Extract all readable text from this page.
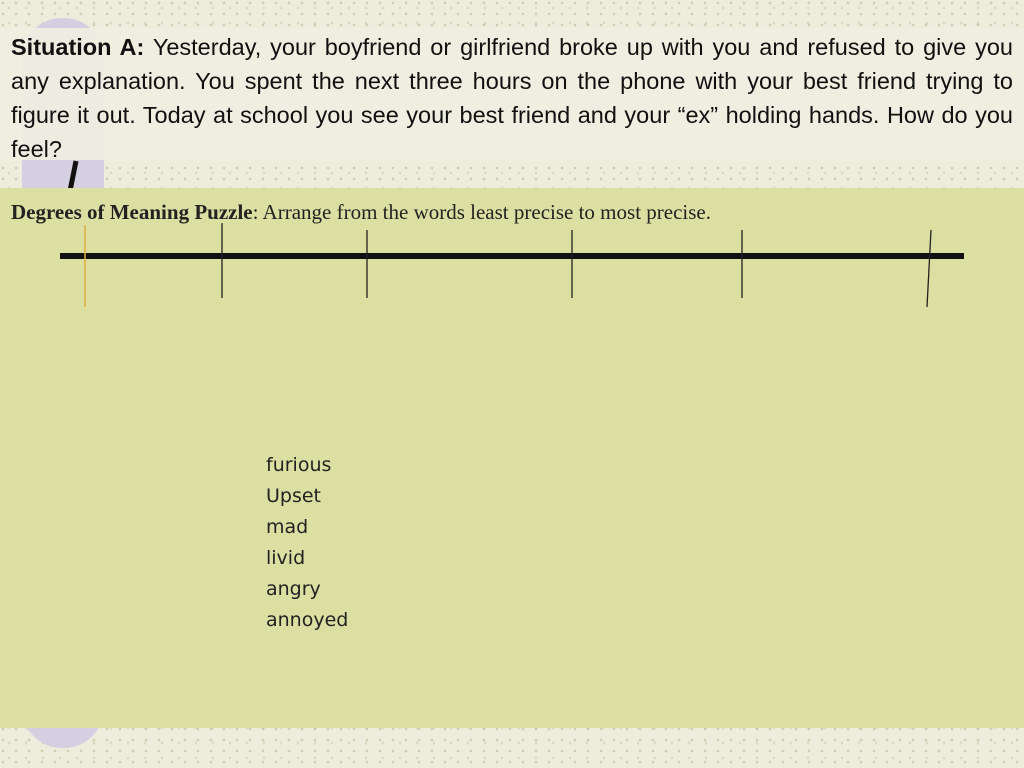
Situation A: Yesterday, your boyfriend or girlfriend broke up with you and refused to give you any explanation. You spent the next three hours on the phone with your best friend trying to figure it out. Today at school you see your best friend and your “ex” holding hands. How do you feel?

Degrees of Meaning Puzzle: Arrange from the words least precise to most precise.

furious
Upset
mad
livid
angry
annoyed
